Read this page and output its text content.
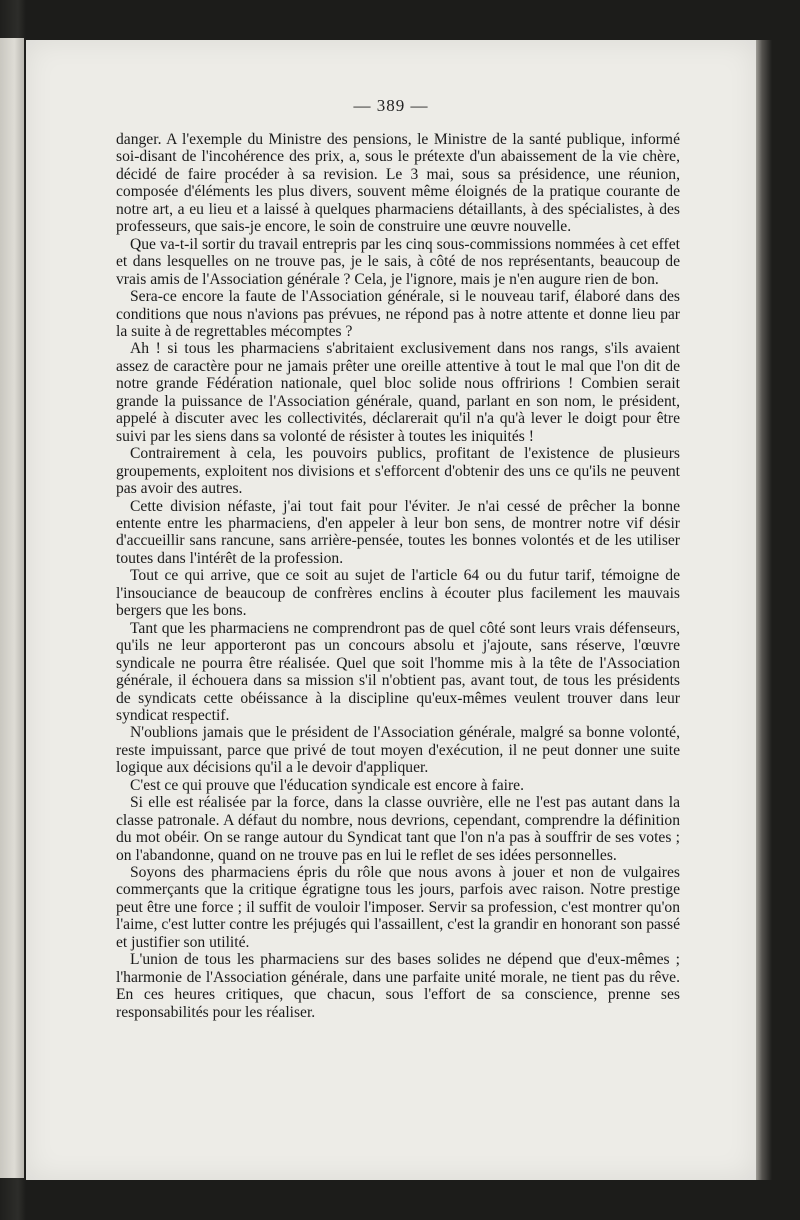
— 389 —

danger. A l'exemple du Ministre des pensions, le Ministre de la santé publique, informé soi-disant de l'incohérence des prix, a, sous le prétexte d'un abaissement de la vie chère, décidé de faire procéder à sa revision. Le 3 mai, sous sa présidence, une réunion, composée d'éléments les plus divers, souvent même éloignés de la pratique courante de notre art, a eu lieu et a laissé à quelques pharmaciens détaillants, à des spécialistes, à des professeurs, que sais-je encore, le soin de construire une œuvre nouvelle.

Que va-t-il sortir du travail entrepris par les cinq sous-commissions nommées à cet effet et dans lesquelles on ne trouve pas, je le sais, à côté de nos représentants, beaucoup de vrais amis de l'Association générale ? Cela, je l'ignore, mais je n'en augure rien de bon.

Sera-ce encore la faute de l'Association générale, si le nouveau tarif, élaboré dans des conditions que nous n'avions pas prévues, ne répond pas à notre attente et donne lieu par la suite à de regrettables mécomptes ?

Ah ! si tous les pharmaciens s'abritaient exclusivement dans nos rangs, s'ils avaient assez de caractère pour ne jamais prêter une oreille attentive à tout le mal que l'on dit de notre grande Fédération nationale, quel bloc solide nous offririons ! Combien serait grande la puissance de l'Association générale, quand, parlant en son nom, le président, appelé à discuter avec les collectivités, déclarerait qu'il n'a qu'à lever le doigt pour être suivi par les siens dans sa volonté de résister à toutes les iniquités !

Contrairement à cela, les pouvoirs publics, profitant de l'existence de plusieurs groupements, exploitent nos divisions et s'efforcent d'obtenir des uns ce qu'ils ne peuvent pas avoir des autres.

Cette division néfaste, j'ai tout fait pour l'éviter. Je n'ai cessé de prêcher la bonne entente entre les pharmaciens, d'en appeler à leur bon sens, de montrer notre vif désir d'accueillir sans rancune, sans arrière-pensée, toutes les bonnes volontés et de les utiliser toutes dans l'intérêt de la profession.

Tout ce qui arrive, que ce soit au sujet de l'article 64 ou du futur tarif, témoigne de l'insouciance de beaucoup de confrères enclins à écouter plus facilement les mauvais bergers que les bons.

Tant que les pharmaciens ne comprendront pas de quel côté sont leurs vrais défenseurs, qu'ils ne leur apporteront pas un concours absolu et j'ajoute, sans réserve, l'œuvre syndicale ne pourra être réalisée. Quel que soit l'homme mis à la tête de l'Association générale, il échouera dans sa mission s'il n'obtient pas, avant tout, de tous les présidents de syndicats cette obéissance à la discipline qu'eux-mêmes veulent trouver dans leur syndicat respectif.

N'oublions jamais que le président de l'Association générale, malgré sa bonne volonté, reste impuissant, parce que privé de tout moyen d'exécution, il ne peut donner une suite logique aux décisions qu'il a le devoir d'appliquer.

C'est ce qui prouve que l'éducation syndicale est encore à faire.

Si elle est réalisée par la force, dans la classe ouvrière, elle ne l'est pas autant dans la classe patronale. A défaut du nombre, nous devrions, cependant, comprendre la définition du mot obéir. On se range autour du Syndicat tant que l'on n'a pas à souffrir de ses votes ; on l'abandonne, quand on ne trouve pas en lui le reflet de ses idées personnelles.

Soyons des pharmaciens épris du rôle que nous avons à jouer et non de vulgaires commerçants que la critique égratigne tous les jours, parfois avec raison. Notre prestige peut être une force ; il suffit de vouloir l'imposer. Servir sa profession, c'est montrer qu'on l'aime, c'est lutter contre les préjugés qui l'assaillent, c'est la grandir en honorant son passé et justifier son utilité.

L'union de tous les pharmaciens sur des bases solides ne dépend que d'eux-mêmes ; l'harmonie de l'Association générale, dans une parfaite unité morale, ne tient pas du rêve. En ces heures critiques, que chacun, sous l'effort de sa conscience, prenne ses responsabilités pour les réaliser.
